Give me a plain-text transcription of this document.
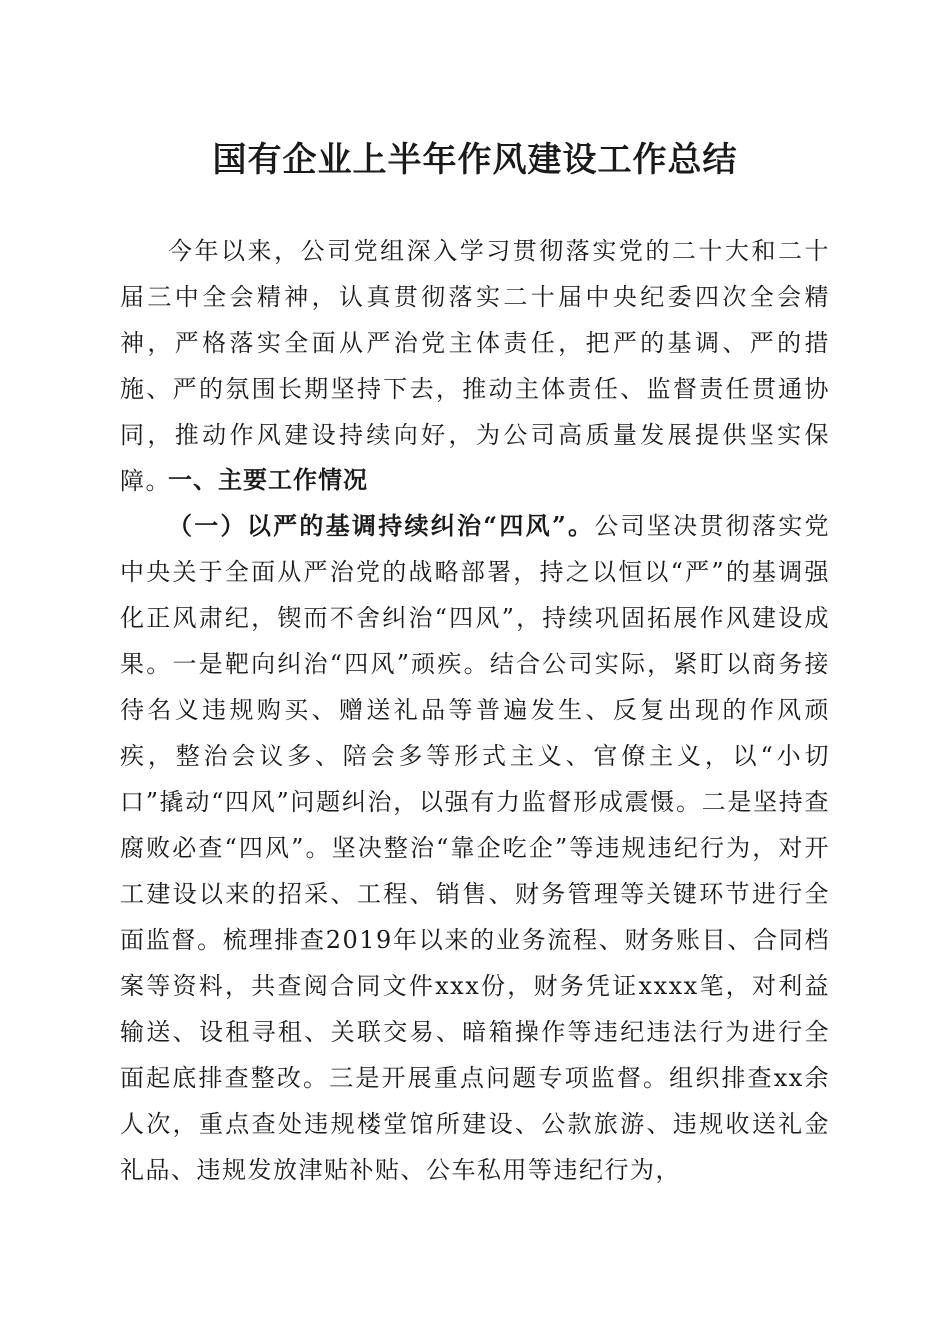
国有企业上半年作风建设工作总结

今年以来，公司党组深入学习贯彻落实党的二十大和二十届三中全会精神，认真贯彻落实二十届中央纪委四次全会精神，严格落实全面从严治党主体责任，把严的基调、严的措施、严的氛围长期坚持下去，推动主体责任、监督责任贯通协同，推动作风建设持续向好，为公司高质量发展提供坚实保障。

一、主要工作情况

（一）以严的基调持续纠治“四风”。公司坚决贯彻落实党中央关于全面从严治党的战略部署，持之以恒以“严”的基调强化正风肃纪，锲而不舍纠治“四风”，持续巩固拓展作风建设成果。一是靶向纠治“四风”顽疾。结合公司实际，紧盯以商务接待名义违规购买、赠送礼品等普遍发生、反复出现的作风顽疾，整治会议多、陪会多等形式主义、官僚主义，以“小切口”撬动“四风”问题纠治，以强有力监督形成震慑。二是坚持查腐败必查“四风”。坚决整治“靠企吃企”等违规违纪行为，对开工建设以来的招采、工程、销售、财务管理等关键环节进行全面监督。梳理排查2019年以来的业务流程、财务账目、合同档案等资料，共查阅合同文件xxx份，财务凭证xxxx笔，对利益输送、设租寻租、关联交易、暗箱操作等违纪违法行为进行全面起底排查整改。三是开展重点问题专项监督。组织排查xx余人次，重点查处违规楼堂馆所建设、公款旅游、违规收送礼金礼品、违规发放津贴补贴、公车私用等违纪行为，
